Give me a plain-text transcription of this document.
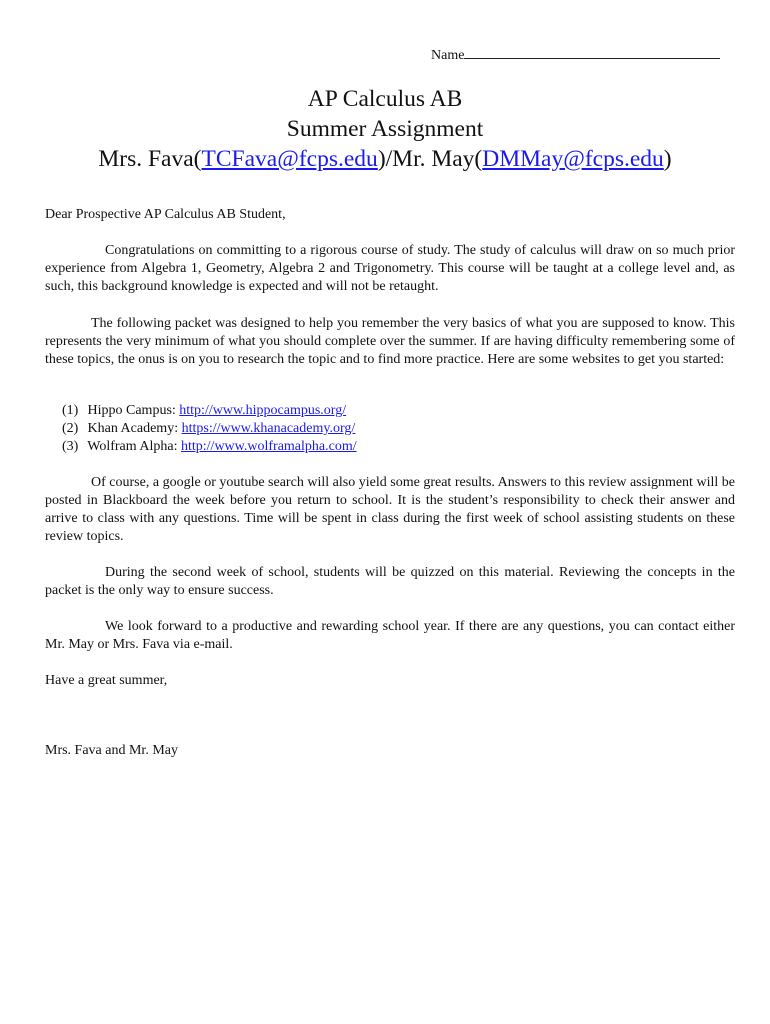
Name
AP Calculus AB
Summer Assignment
Mrs. Fava(TCFava@fcps.edu)/Mr. May(DMMay@fcps.edu)
Dear Prospective AP Calculus AB Student,
Congratulations on committing to a rigorous course of study. The study of calculus will draw on so much prior experience from Algebra 1, Geometry, Algebra 2 and Trigonometry. This course will be taught at a college level and, as such, this background knowledge is expected and will not be retaught.
The following packet was designed to help you remember the very basics of what you are supposed to know. This represents the very minimum of what you should complete over the summer. If are having difficulty remembering some of these topics, the onus is on you to research the topic and to find more practice. Here are some websites to get you started:
(1) Hippo Campus: http://www.hippocampus.org/
(2) Khan Academy: https://www.khanacademy.org/
(3) Wolfram Alpha: http://www.wolframalpha.com/
Of course, a google or youtube search will also yield some great results. Answers to this review assignment will be posted in Blackboard the week before you return to school. It is the student’s responsibility to check their answer and arrive to class with any questions. Time will be spent in class during the first week of school assisting students on these review topics.
During the second week of school, students will be quizzed on this material. Reviewing the concepts in the packet is the only way to ensure success.
We look forward to a productive and rewarding school year. If there are any questions, you can contact either Mr. May or Mrs. Fava via e-mail.
Have a great summer,
Mrs. Fava and Mr. May
